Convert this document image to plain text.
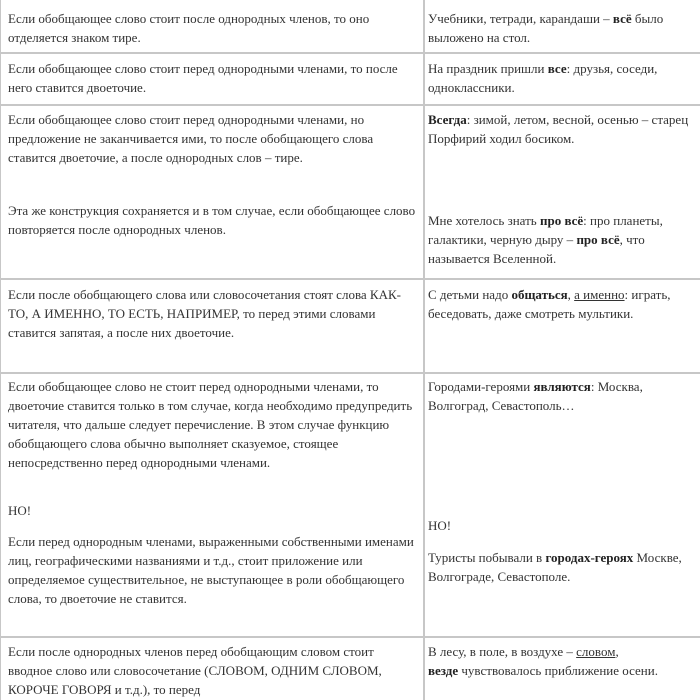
Если обобщающее слово стоит после однородных членов, то оно отделяется знаком тире.

Учебники, тетради, карандаши – всё было выложено на стол.

Если обобщающее слово стоит перед однородными членами, то после него ставится двоеточие.

На праздник пришли все: друзья, соседи, одноклассники.

Если обобщающее слово стоит перед однородными членами, но предложение не заканчивается ими, то после обобщающего слова ставится двоеточие, а после однородных слов – тире.

Эта же конструкция сохраняется и в том случае, если обобщающее слово повторяется после однородных членов.

Всегда: зимой, летом, весной, осенью – старец Порфирий ходил босиком.

Мне хотелось знать про всё: про планеты, галактики, черную дыру – про всё, что называется Вселенной.

Если после обобщающего слова или словосочетания стоят слова КАК-ТО, А ИМЕННО, ТО ЕСТЬ, НАПРИМЕР, то перед этими словами ставится запятая, а после них двоеточие.

С детьми надо общаться, а именно: играть, беседовать, даже смотреть мультики.

Если обобщающее слово не стоит перед однородными членами, то двоеточие ставится только в том случае, когда необходимо предупредить читателя, что дальше следует перечисление. В этом случае функцию обобщающего слова обычно выполняет сказуемое, стоящее непосредственно перед однородными членами.

НО!

Если перед однородным членами, выраженными собственными именами лиц, географическими названиями и т.д., стоит приложение или определяемое существительное, не выступающее в роли обобщающего слова, то двоеточие не ставится.

Городами-героями являются: Москва, Волгоград, Севастополь…

НО!

Туристы побывали в городах-героях Москве, Волгограде, Севастополе.

Если после однородных членов перед обобщающим словом стоит вводное слово или словосочетание (СЛОВОМ, ОДНИМ СЛОВОМ, КОРОЧЕ ГОВОРЯ и т.д.), то перед

В лесу, в поле, в воздухе – словом,
везде чувствовалось приближение осени.
